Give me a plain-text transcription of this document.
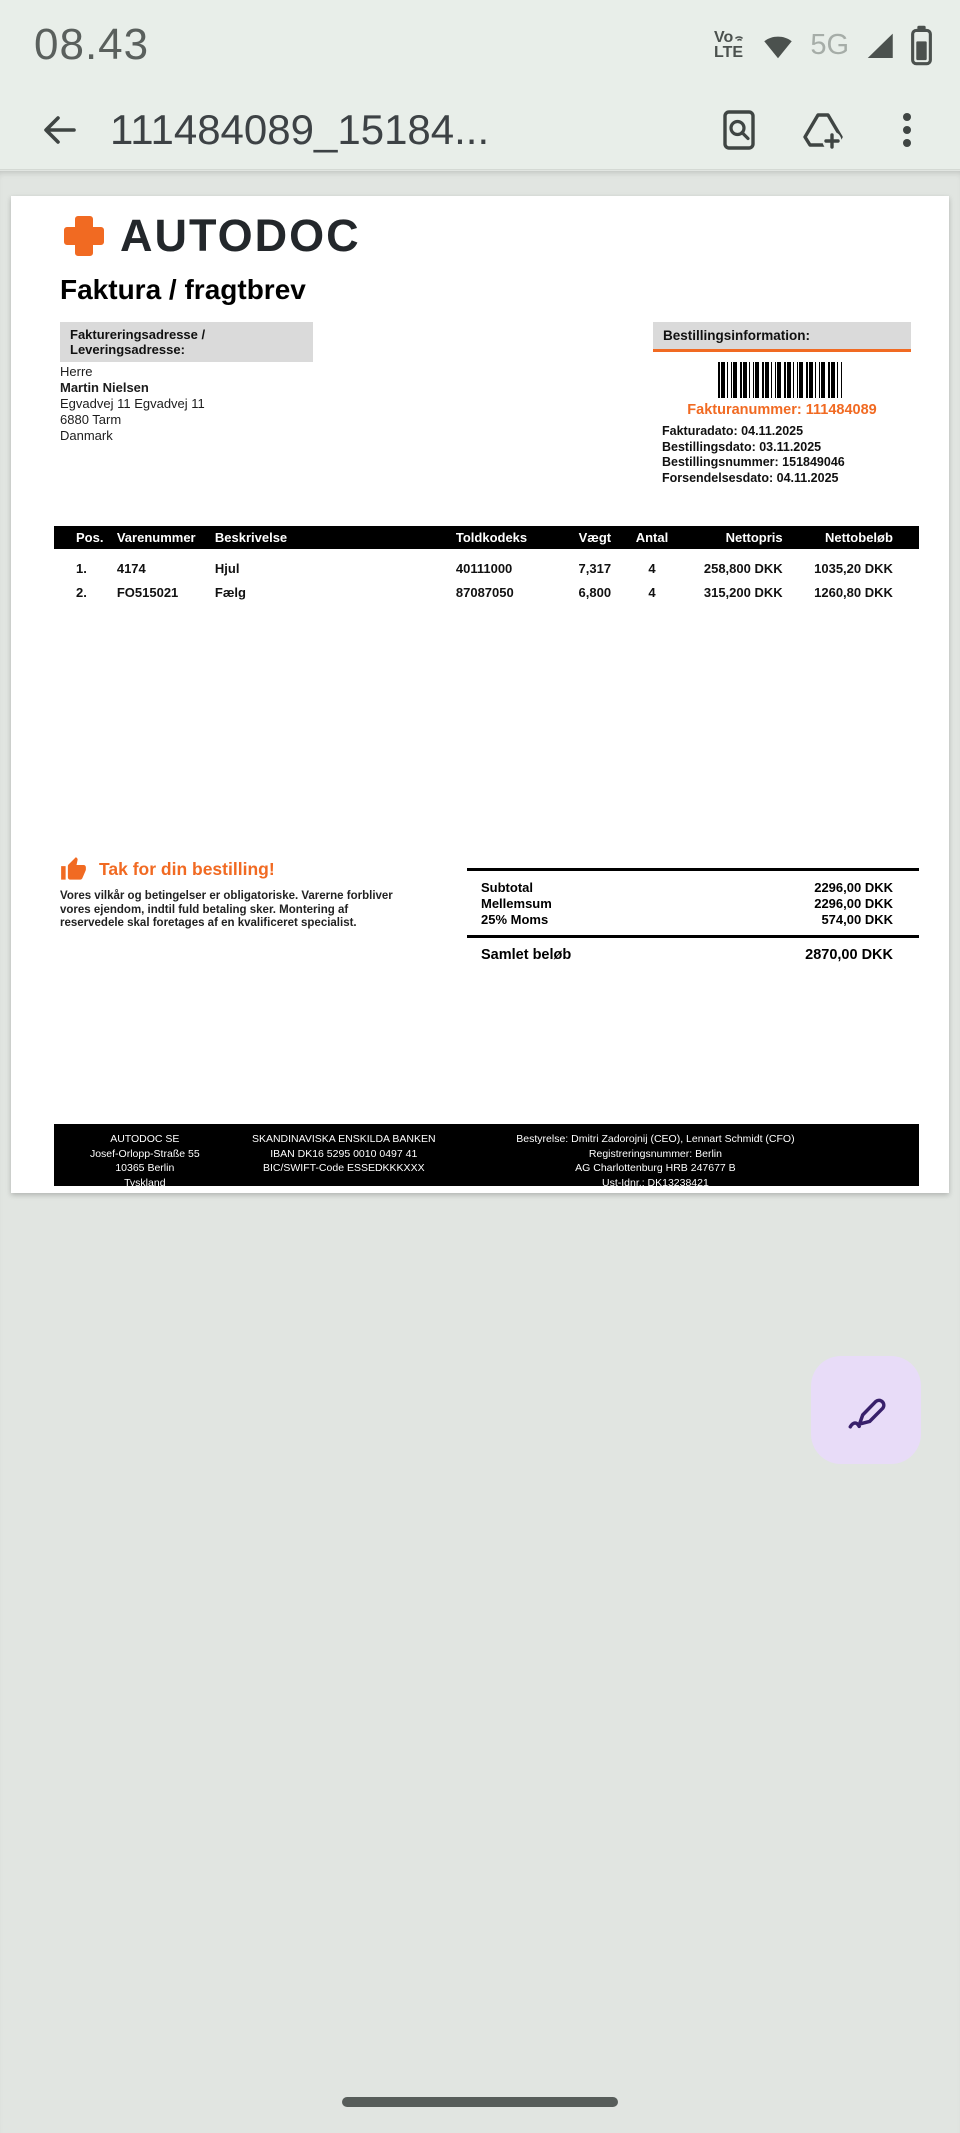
08.43	Vo
LTE 5G
111484089_15184...
AUTODOC
Faktura / fragtbrev
Faktureringsadresse /
Leveringsadresse:
Herre
Martin Nielsen
Egvadvej 11 Egvadvej 11
6880 Tarm
Danmark
Bestillingsinformation:
Fakturanummer: 111484089
Fakturadato: 04.11.2025
Bestillingsdato: 03.11.2025
Bestillingsnummer: 151849046
Forsendelsesdato: 04.11.2025
Pos.	Varenummer	Beskrivelse	Toldkodeks	Vægt	Antal	Nettopris	Nettobeløb
1.	4174	Hjul	40111000	7,317	4	258,800 DKK	1035,20 DKK
2.	FO515021	Fælg	87087050	6,800	4	315,200 DKK	1260,80 DKK
Tak for din bestilling!
Vores vilkår og betingelser er obligatoriske. Varerne forbliver vores ejendom, indtil fuld betaling sker. Montering af reservedele skal foretages af en kvalificeret specialist.
Subtotal	2296,00 DKK
Mellemsum	2296,00 DKK
25% Moms	574,00 DKK
Samlet beløb	2870,00 DKK
AUTODOC SE
Josef-Orlopp-Straße 55
10365 Berlin
Tyskland
SKANDINAVISKA ENSKILDA BANKEN
IBAN DK16 5295 0010 0497 41
BIC/SWIFT-Code ESSEDKKKXXX
Bestyrelse: Dmitri Zadorojnij (CEO), Lennart Schmidt (CFO)
Registreringsnummer: Berlin
AG Charlottenburg HRB 247677 B
Ust-Idnr.: DK13238421
